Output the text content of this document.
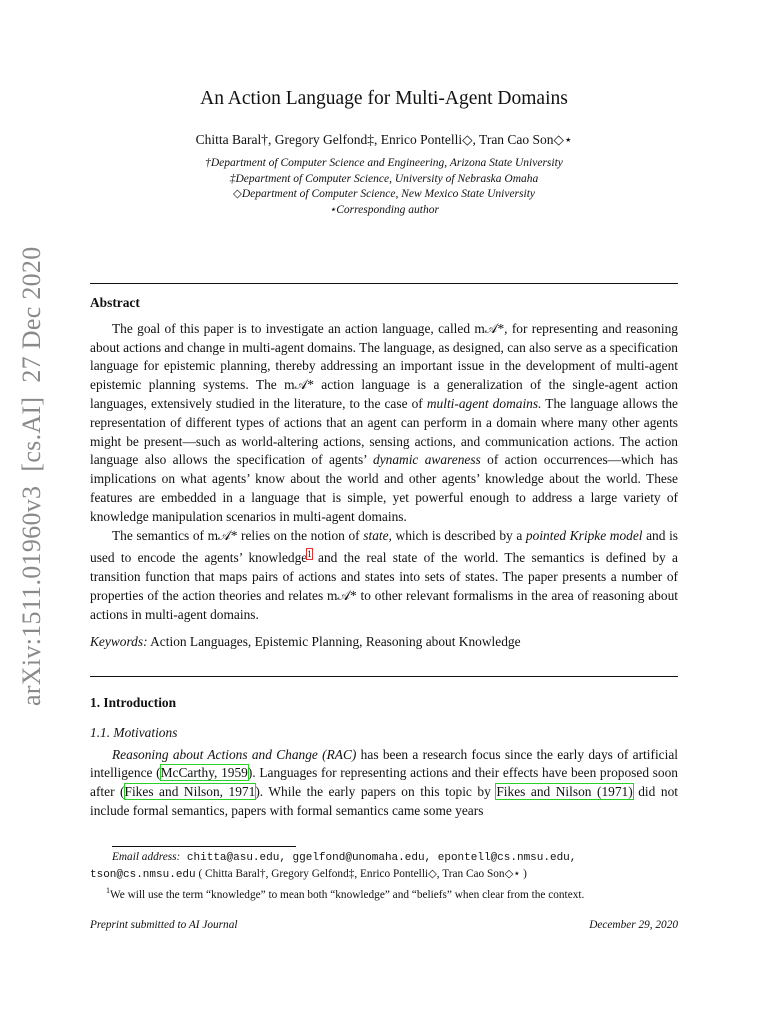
arXiv:1511.01960v3[cs.AI]27 Dec 2020
An Action Language for Multi-Agent Domains
Chitta Baral†, Gregory Gelfond‡, Enrico Pontelli◇, Tran Cao Son◇⋆
†Department of Computer Science and Engineering, Arizona State University
‡Department of Computer Science, University of Nebraska Omaha
◇Department of Computer Science, New Mexico State University
⋆Corresponding author
Abstract

The goal of this paper is to investigate an action language, called m𝒜*, for representing and reasoning about actions and change in multi-agent domains. The language, as designed, can also serve as a specification language for epistemic planning, thereby addressing an important issue in the development of multi-agent epistemic planning systems. The m𝒜* action language is a generalization of the single-agent action languages, extensively studied in the literature, to the case of multi-agent domains. The language allows the representation of different types of actions that an agent can perform in a domain where many other agents might be present—such as world-altering actions, sensing actions, and communication actions. The action language also allows the specification of agents’ dynamic awareness of action occurrences—which has implications on what agents’ know about the world and other agents’ knowledge about the world. These features are embedded in a language that is simple, yet powerful enough to address a large variety of knowledge manipulation scenarios in multi-agent domains.

The semantics of m𝒜* relies on the notion of state, which is described by a pointed Kripke model and is used to encode the agents’ knowledge$^1$ and the real state of the world. The semantics is defined by a transition function that maps pairs of actions and states into sets of states. The paper presents a number of properties of the action theories and relates m𝒜* to other relevant formalisms in the area of reasoning about actions in multi-agent domains.

Keywords: Action Languages, Epistemic Planning, Reasoning about Knowledge

1. Introduction
1.1. Motivations

Reasoning about Actions and Change (RAC) has been a research focus since the early days of artificial intelligence (McCarthy, 1959). Languages for representing actions and their effects have been proposed soon after (Fikes and Nilson, 1971). While the early papers on this topic by Fikes and Nilson (1971) did not include formal semantics, papers with formal semantics came some years

Email address: chitta@asu.edu, ggelfond@unomaha.edu, epontell@cs.nmsu.edu, tson@cs.nmsu.edu ( Chitta Baral†, Gregory Gelfond‡, Enrico Pontelli◇, Tran Cao Son◇⋆ )
$^1$We will use the term “knowledge” to mean both “knowledge” and “beliefs” when clear from the context.
Preprint submitted to AI Journal	December 29, 2020
